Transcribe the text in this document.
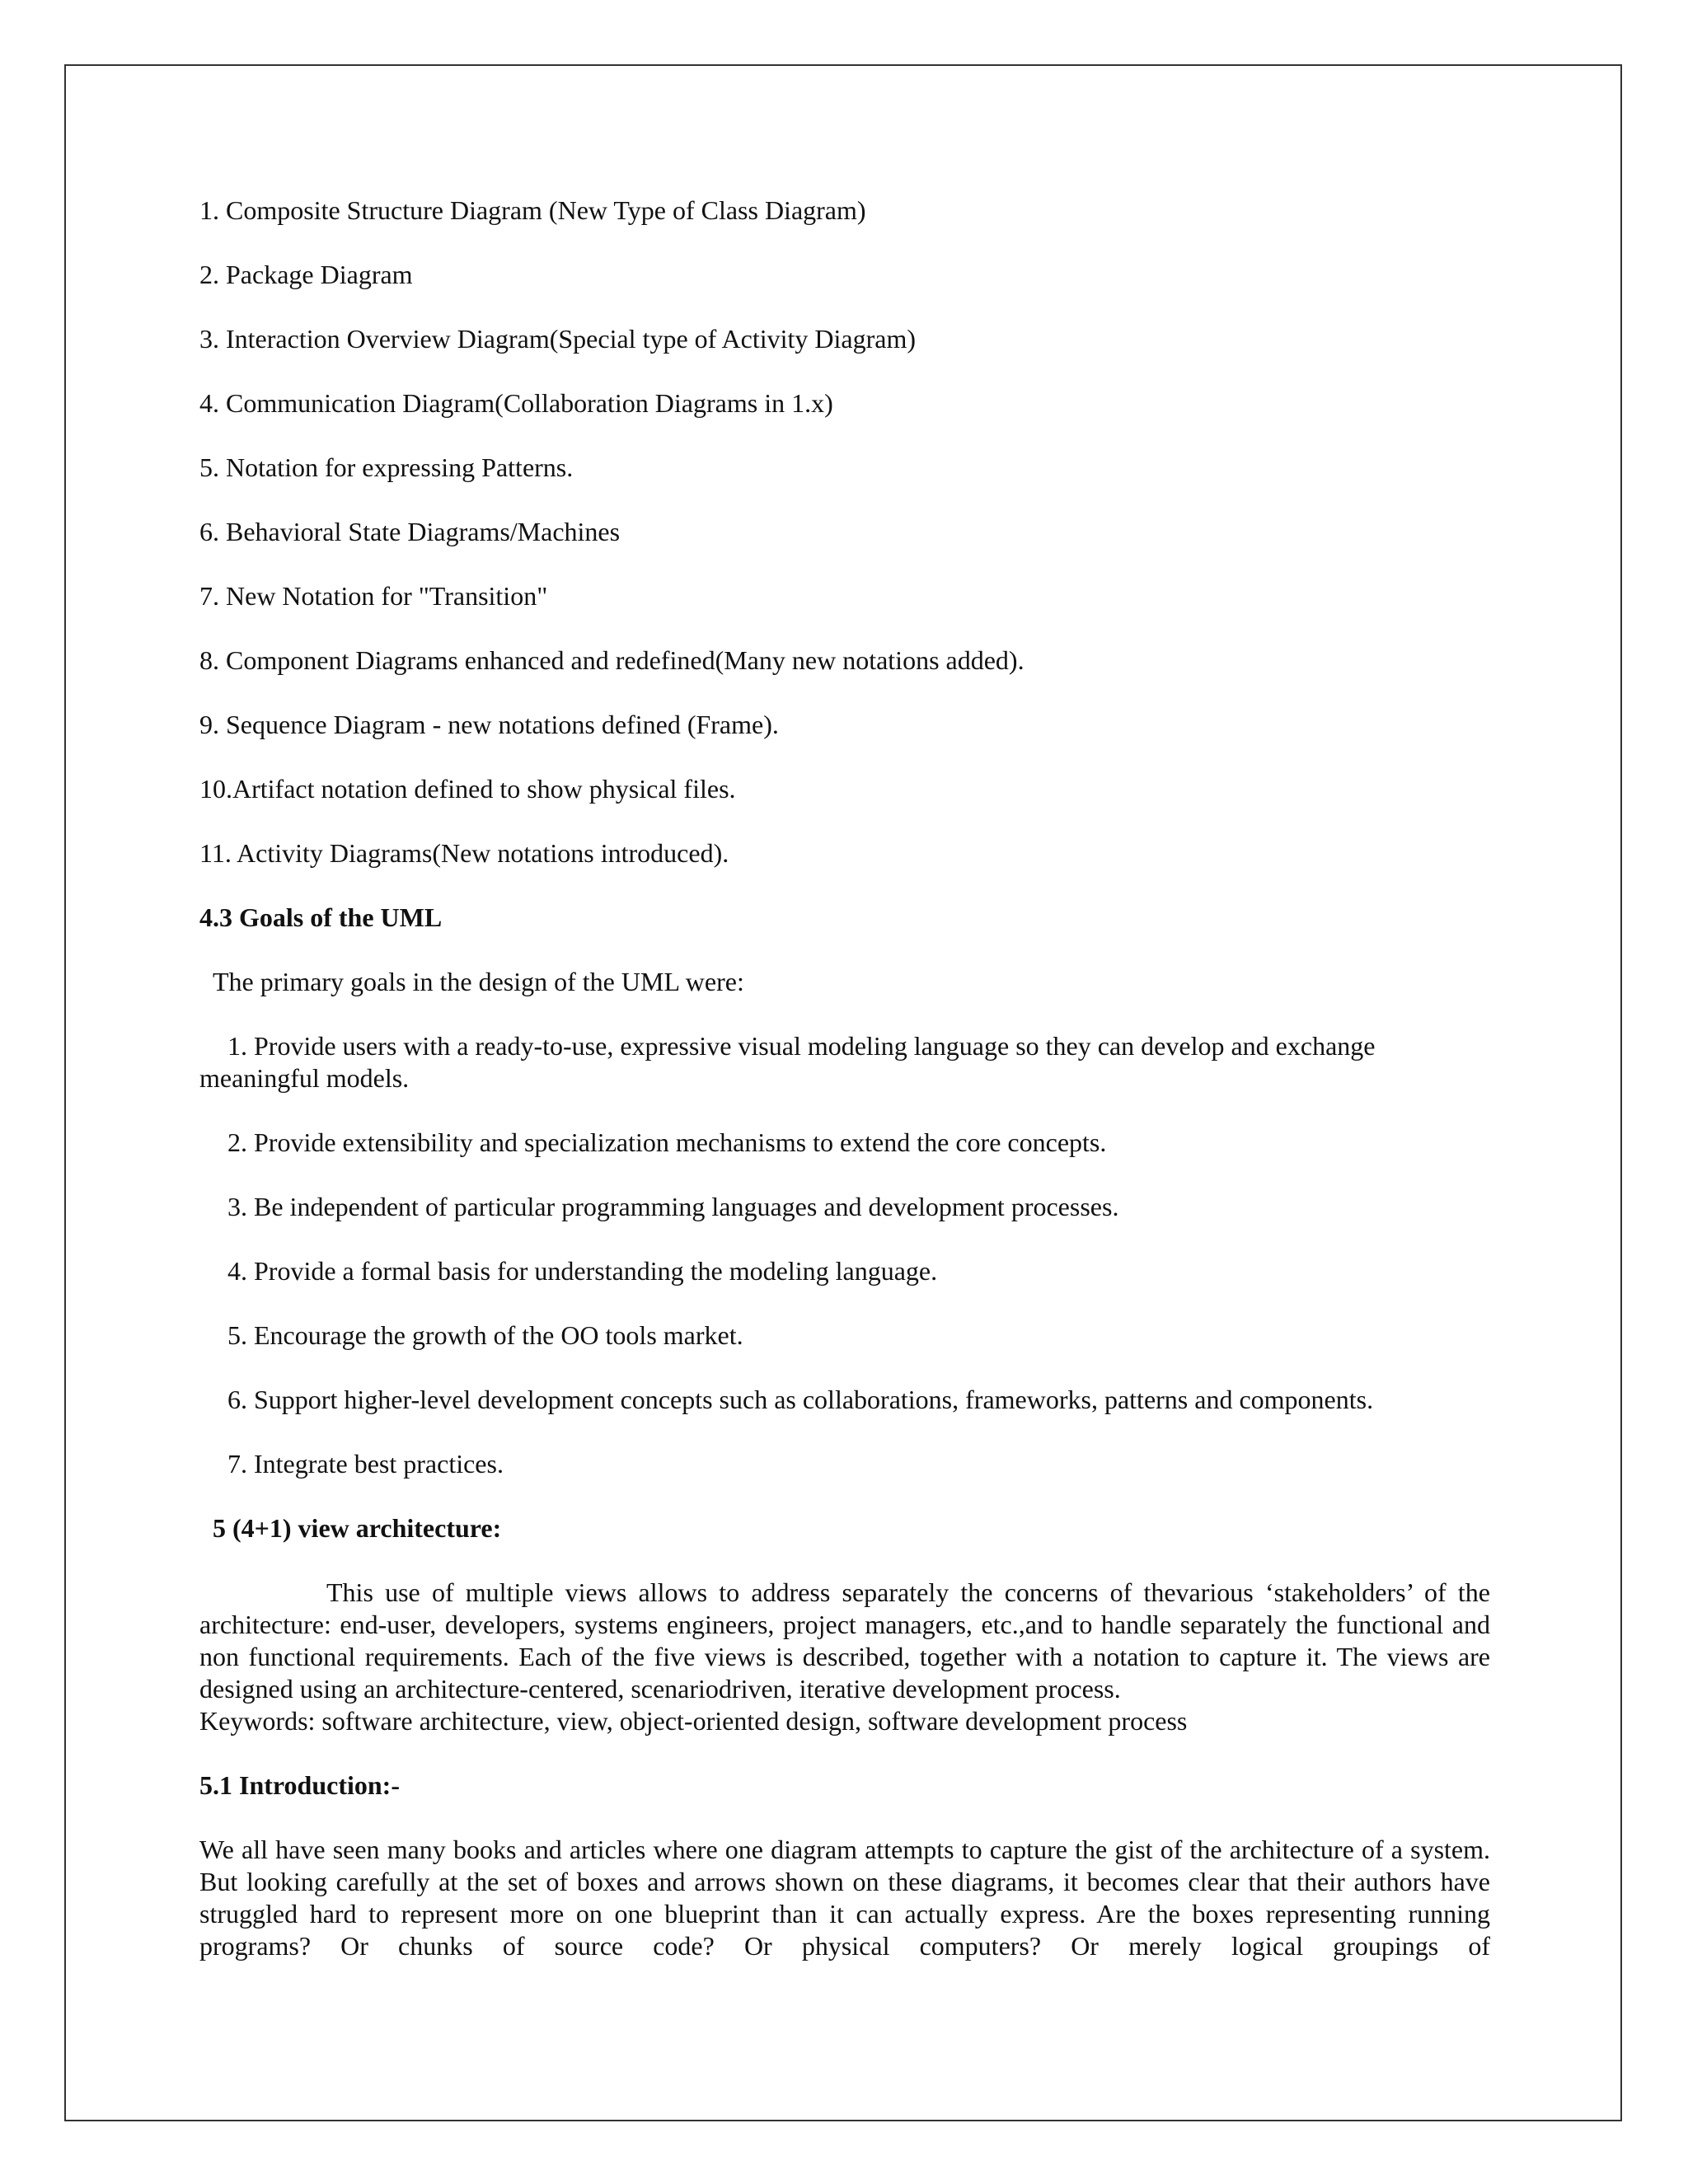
1. Composite Structure Diagram (New Type of Class Diagram)

2. Package Diagram

3. Interaction Overview Diagram(Special type of Activity Diagram)

4. Communication Diagram(Collaboration Diagrams in 1.x)

5. Notation for expressing Patterns.

6. Behavioral State Diagrams/Machines

7. New Notation for "Transition"

8. Component Diagrams enhanced and redefined(Many new notations added).

9. Sequence Diagram - new notations defined (Frame).

10.Artifact notation defined to show physical files.

11. Activity Diagrams(New notations introduced).

4.3 Goals of the UML

The primary goals in the design of the UML were:

1. Provide users with a ready-to-use, expressive visual modeling language so they can develop and exchange meaningful models.

2. Provide extensibility and specialization mechanisms to extend the core concepts.

3. Be independent of particular programming languages and development processes.

4. Provide a formal basis for understanding the modeling language.

5. Encourage the growth of the OO tools market.

6. Support higher-level development concepts such as collaborations, frameworks, patterns and components.

7. Integrate best practices.

5 (4+1) view architecture:

This use of multiple views allows to address separately the concerns of thevarious ‘stakeholders’ of the architecture: end-user, developers, systems engineers, project managers, etc.,and to handle separately the functional and non functional requirements. Each of the five views is described, together with a notation to capture it. The views are designed using an architecture-centered, scenariodriven, iterative development process.

Keywords: software architecture, view, object-oriented design, software development process

5.1 Introduction:-

We all have seen many books and articles where one diagram attempts to capture the gist of the architecture of a system. But looking carefully at the set of boxes and arrows shown on these diagrams, it becomes clear that their authors have struggled hard to represent more on one blueprint than it can actually express. Are the boxes representing running programs? Or chunks of source code? Or physical computers? Or merely logical groupings of
